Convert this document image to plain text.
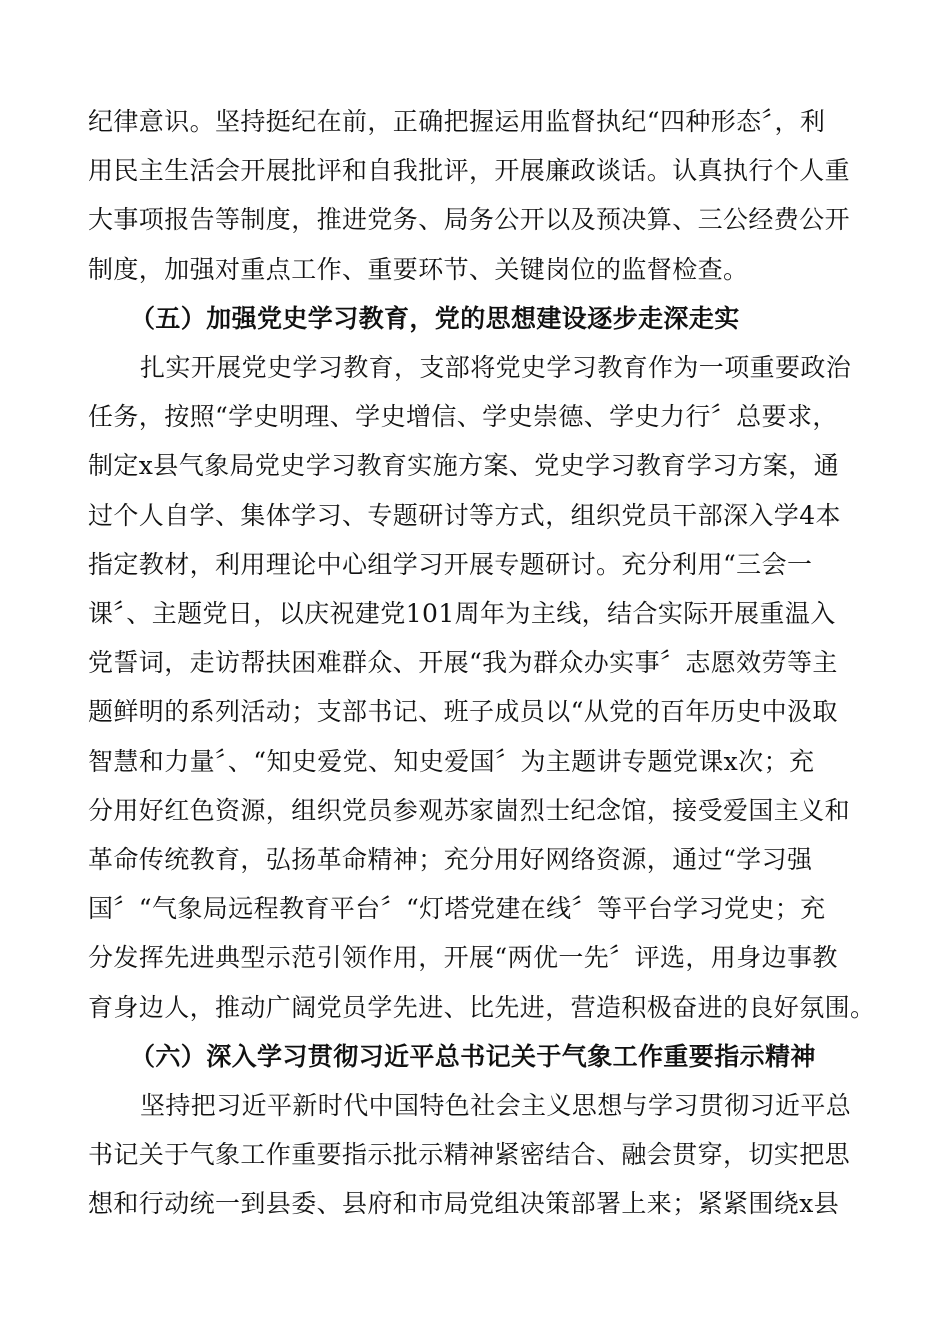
纪律意识。坚持挺纪在前，正确把握运用监督执纪“四种形态〞，利
用民主生活会开展批评和自我批评，开展廉政谈话。认真执行个人重
大事项报告等制度，推进党务、局务公开以及预决算、三公经费公开
制度，加强对重点工作、重要环节、关键岗位的监督检查。
（五）加强党史学习教育，党的思想建设逐步走深走实
扎实开展党史学习教育，支部将党史学习教育作为一项重要政治
任务，按照“学史明理、学史增信、学史崇德、学史力行〞总要求，
制定x县气象局党史学习教育实施方案、党史学习教育学习方案，通
过个人自学、集体学习、专题研讨等方式，组织党员干部深入学4本
指定教材，利用理论中心组学习开展专题研讨。充分利用“三会一
课〞、主题党日，以庆祝建党101周年为主线，结合实际开展重温入
党誓词，走访帮扶困难群众、开展“我为群众办实事〞志愿效劳等主
题鲜明的系列活动；支部书记、班子成员以“从党的百年历史中汲取
智慧和力量〞、“知史爱党、知史爱国〞为主题讲专题党课x次；充
分用好红色资源，组织党员参观苏家崮烈士纪念馆，接受爱国主义和
革命传统教育，弘扬革命精神；充分用好网络资源，通过“学习强
国〞“气象局远程教育平台〞“灯塔党建在线〞等平台学习党史；充
分发挥先进典型示范引领作用，开展“两优一先〞评选，用身边事教
育身边人，推动广阔党员学先进、比先进，营造积极奋进的良好氛围。
（六）深入学习贯彻习近平总书记关于气象工作重要指示精神
坚持把习近平新时代中国特色社会主义思想与学习贯彻习近平总
书记关于气象工作重要指示批示精神紧密结合、融会贯穿，切实把思
想和行动统一到县委、县府和市局党组决策部署上来；紧紧围绕x县
